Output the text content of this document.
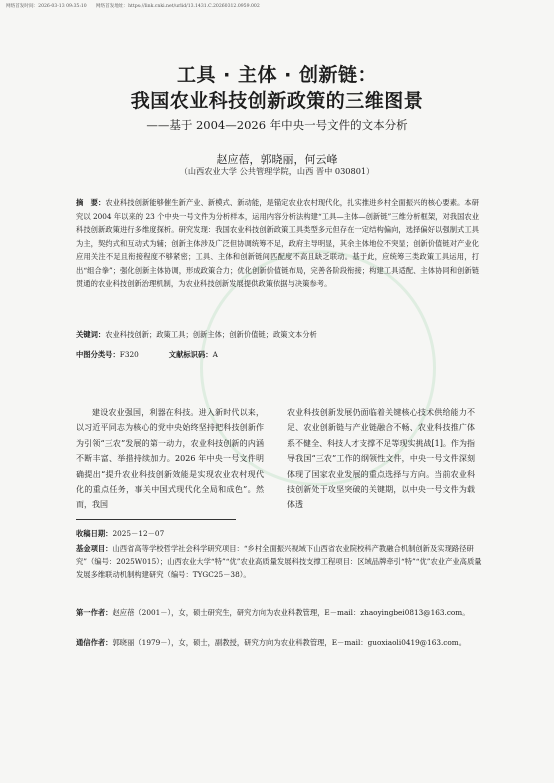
网络首发时间：2026-03-13 09:35:10　　网络首发地址：https://link.cnki.net/urlid/13.1431.C.20260312.0959.002
工具 · 主体 · 创新链：
我国农业科技创新政策的三维图景
——基于 2004—2026 年中央一号文件的文本分析
赵应蓓，郭晓丽，何云峰
（山西农业大学 公共管理学院，山西 晋中 030801）
摘　要：农业科技创新能够催生新产业、新模式、新动能，是锚定农业农村现代化，扎实推进乡村全面振兴的核心要素。本研究以 2004 年以来的 23 个中央一号文件为分析样本，运用内容分析法构建“工具—主体—创新链”三维分析框架，对我国农业科技创新政策进行多维度探析。研究发现：我国农业科技创新政策工具类型多元但存在一定结构偏向，选择偏好以强制式工具为主，契约式和互动式为辅；创新主体涉及广泛但协调统筹不足，政府主导明显，其余主体地位不突显；创新价值链对产业化应用关注不足且衔接程度不够紧密；工具、主体和创新链间匹配度不高且缺乏联动。基于此，应统筹三类政策工具运用，打出“组合拳”；强化创新主体协调，形成政策合力；优化创新价值链布局，完善各阶段衔接；构建工具适配、主体协同和创新链贯通的农业科技创新治理机制，为农业科技创新发展提供政策依据与决策参考。
关键词：农业科技创新；政策工具；创新主体；创新价值链；政策文本分析
中图分类号：F320	文献标识码：A
建设农业强国，利器在科技。进入新时代以来，以习近平同志为核心的党中央始终坚持把科技创新作为引领“三农”发展的第一动力，农业科技创新的内涵不断丰富、举措持续加力。2026 年中央一号文件明确提出“提升农业科技创新效能是实现农业农村现代化的重点任务，事关中国式现代化全局和成色”。然而，我国
农业科技创新发展仍面临着关键核心技术供给能力不足、农业创新链与产业链融合不畅、农业科技推广体系不健全、科技人才支撑不足等现实挑战[1]。作为指导我国“三农”工作的纲领性文件，中央一号文件深刻体现了国家农业发展的重点选择与方向。当前农业科技创新处于攻坚突破的关键期，以中央一号文件为载体透
收稿日期：2025－12－07
基金项目：山西省高等学校哲学社会科学研究项目：“乡村全面振兴视域下山西省农业院校科产教融合机制创新及实现路径研究”（编号：2025W015）；山西农业大学“特”“优”农业高质量发展科技支撑工程项目：区域品牌牵引“特”“优”农业产业高质量发展多维联动机制构建研究（编号：TYGC25－38）。
第一作者：赵应蓓（2001－），女，硕士研究生，研究方向为农业科教管理，E－mail：zhaoyingbei0813@163.com。
通信作者：郭晓丽（1979－），女，硕士，副教授，研究方向为农业科教管理，E－mail：guoxiaoli0419@163.com。
